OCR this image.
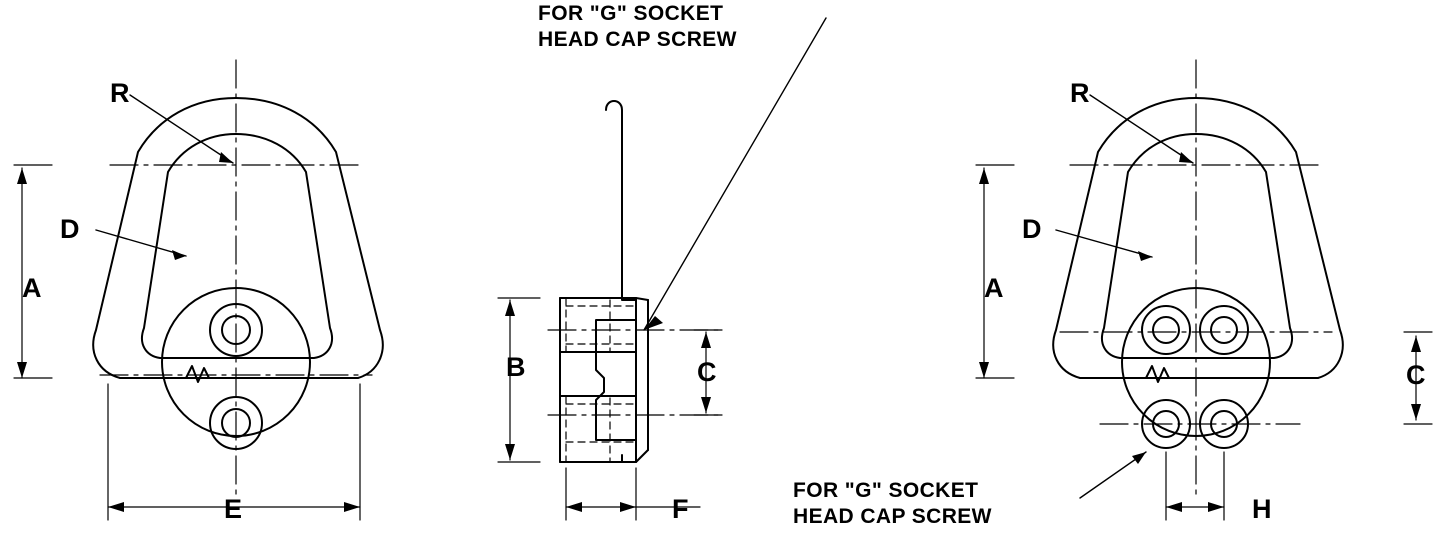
R
D
A
E
B	C
F
R
D
A
C
H
FOR "G" SOCKET
HEAD CAP SCREW
FOR "G" SOCKET
HEAD CAP SCREW
